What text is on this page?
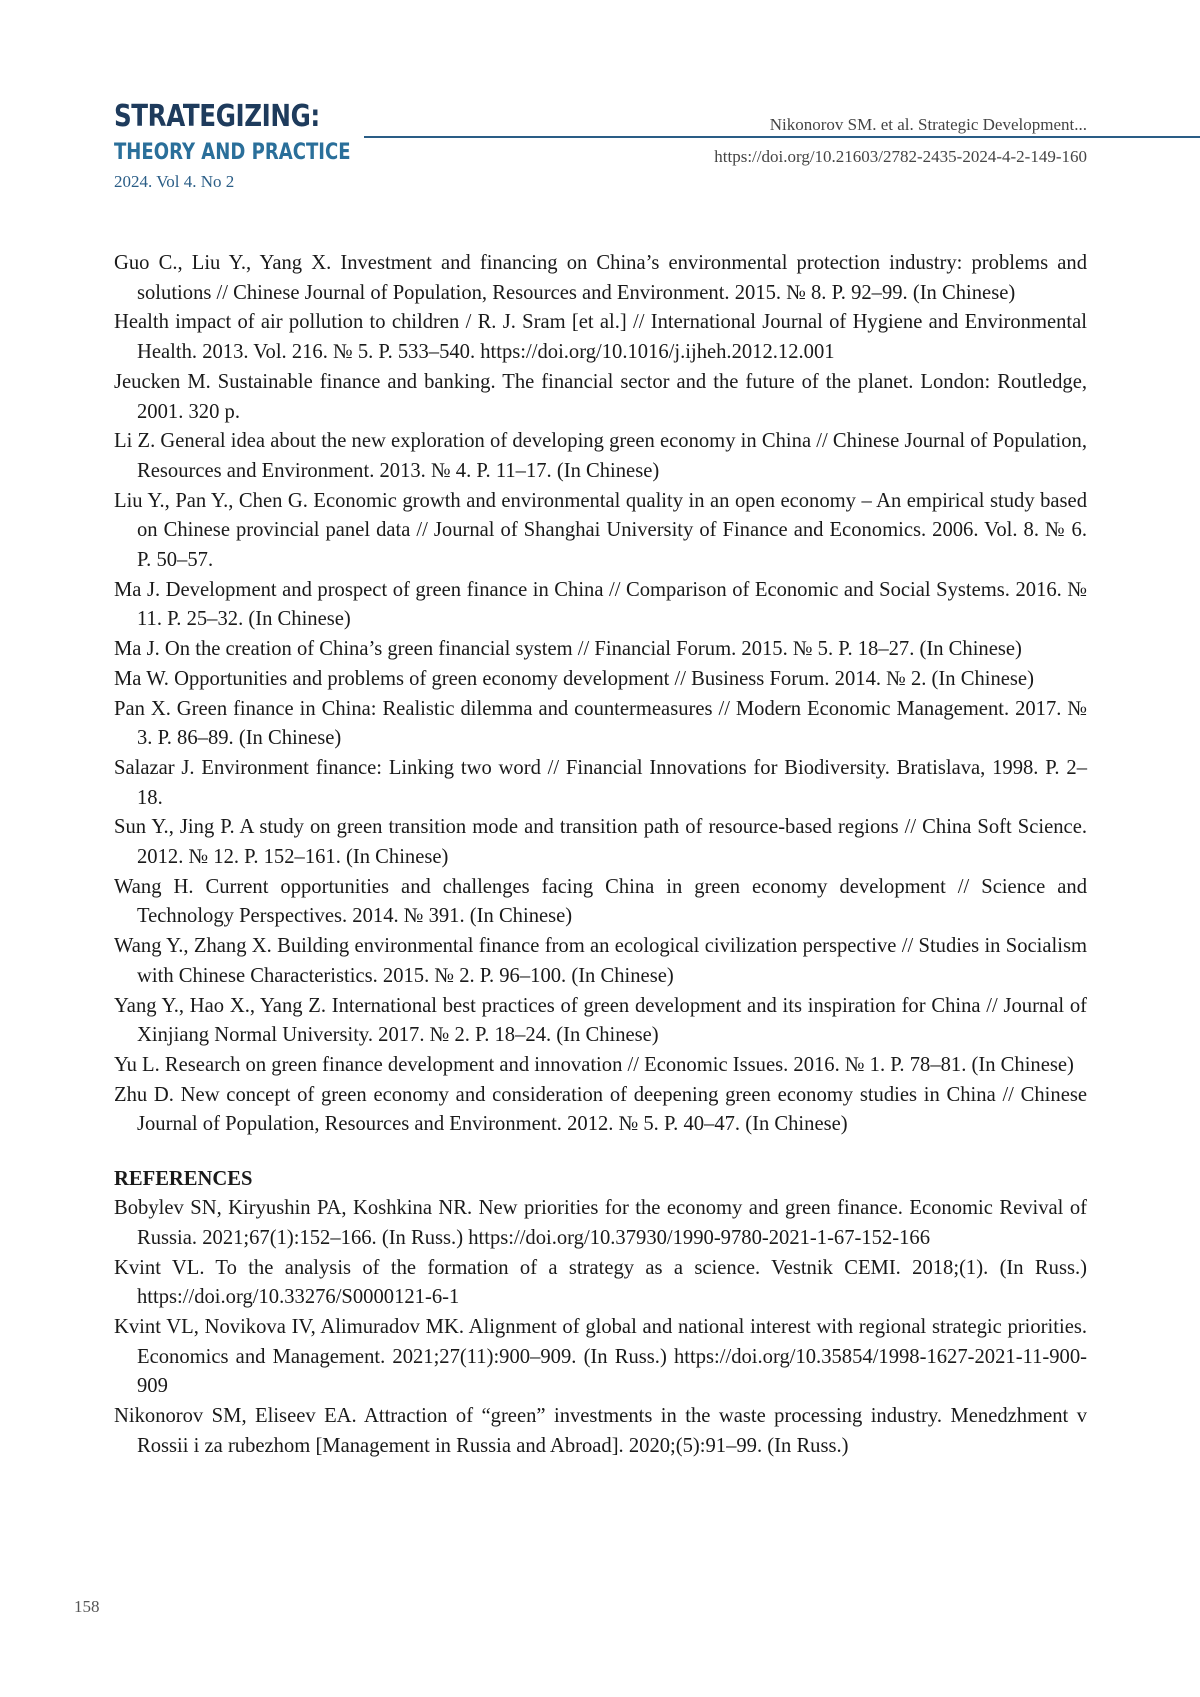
STRATEGIZING:
THEORY AND PRACTICE
2024. Vol 4. No 2
Nikonorov SM. et al. Strategic Development...
https://doi.org/10.21603/2782-2435-2024-4-2-149-160

Guo C., Liu Y., Yang X. Investment and financing on China’s environmental protection industry: problems and solutions // Chinese Journal of Population, Resources and Environment. 2015. № 8. P. 92–99. (In Chinese)

Health impact of air pollution to children / R. J. Sram [et al.] // International Journal of Hygiene and Environmental Health. 2013. Vol. 216. № 5. P. 533–540. https://doi.org/10.1016/j.ijheh.2012.12.001

Jeucken M. Sustainable finance and banking. The financial sector and the future of the planet. London: Routledge, 2001. 320 p.

Li Z. General idea about the new exploration of developing green economy in China // Chinese Journal of Population, Resources and Environment. 2013. № 4. P. 11–17. (In Chinese)

Liu Y., Pan Y., Chen G. Economic growth and environmental quality in an open economy – An empirical study based on Chinese provincial panel data // Journal of Shanghai University of Finance and Economics. 2006. Vol. 8. № 6. P. 50–57.

Ma J. Development and prospect of green finance in China // Comparison of Economic and Social Systems. 2016. № 11. P. 25–32. (In Chinese)

Ma J. On the creation of China’s green financial system // Financial Forum. 2015. № 5. P. 18–27. (In Chinese)

Ma W. Opportunities and problems of green economy development // Business Forum. 2014. № 2. (In Chinese)

Pan X. Green finance in China: Realistic dilemma and countermeasures // Modern Economic Management. 2017. № 3. P. 86–89. (In Chinese)

Salazar J. Environment finance: Linking two word // Financial Innovations for Biodiversity. Bratislava, 1998. P. 2–18.

Sun Y., Jing P. A study on green transition mode and transition path of resource-based regions // China Soft Science. 2012. № 12. P. 152–161. (In Chinese)

Wang H. Current opportunities and challenges facing China in green economy development // Science and Technology Perspectives. 2014. № 391. (In Chinese)

Wang Y., Zhang X. Building environmental finance from an ecological civilization perspective // Studies in Socialism with Chinese Characteristics. 2015. № 2. P. 96–100. (In Chinese)

Yang Y., Hao X., Yang Z. International best practices of green development and its inspiration for China // Journal of Xinjiang Normal University. 2017. № 2. P. 18–24. (In Chinese)

Yu L. Research on green finance development and innovation // Economic Issues. 2016. № 1. P. 78–81. (In Chinese)

Zhu D. New concept of green economy and consideration of deepening green economy studies in China // Chinese Journal of Population, Resources and Environment. 2012. № 5. P. 40–47. (In Chinese)

REFERENCES

Bobylev SN, Kiryushin PA, Koshkina NR. New priorities for the economy and green finance. Economic Revival of Russia. 2021;67(1):152–166. (In Russ.) https://doi.org/10.37930/1990-9780-2021-1-67-152-166

Kvint VL. To the analysis of the formation of a strategy as a science. Vestnik CEMI. 2018;(1). (In Russ.) https://doi.org/10.33276/S0000121-6-1

Kvint VL, Novikova IV, Alimuradov MK. Alignment of global and national interest with regional strategic priorities. Economics and Management. 2021;27(11):900–909. (In Russ.) https://doi.org/10.35854/1998-1627-2021-11-900-909

Nikonorov SM, Eliseev EA. Attraction of “green” investments in the waste processing industry. Menedzhment v Rossii i za rubezhom [Management in Russia and Abroad]. 2020;(5):91–99. (In Russ.)

158
